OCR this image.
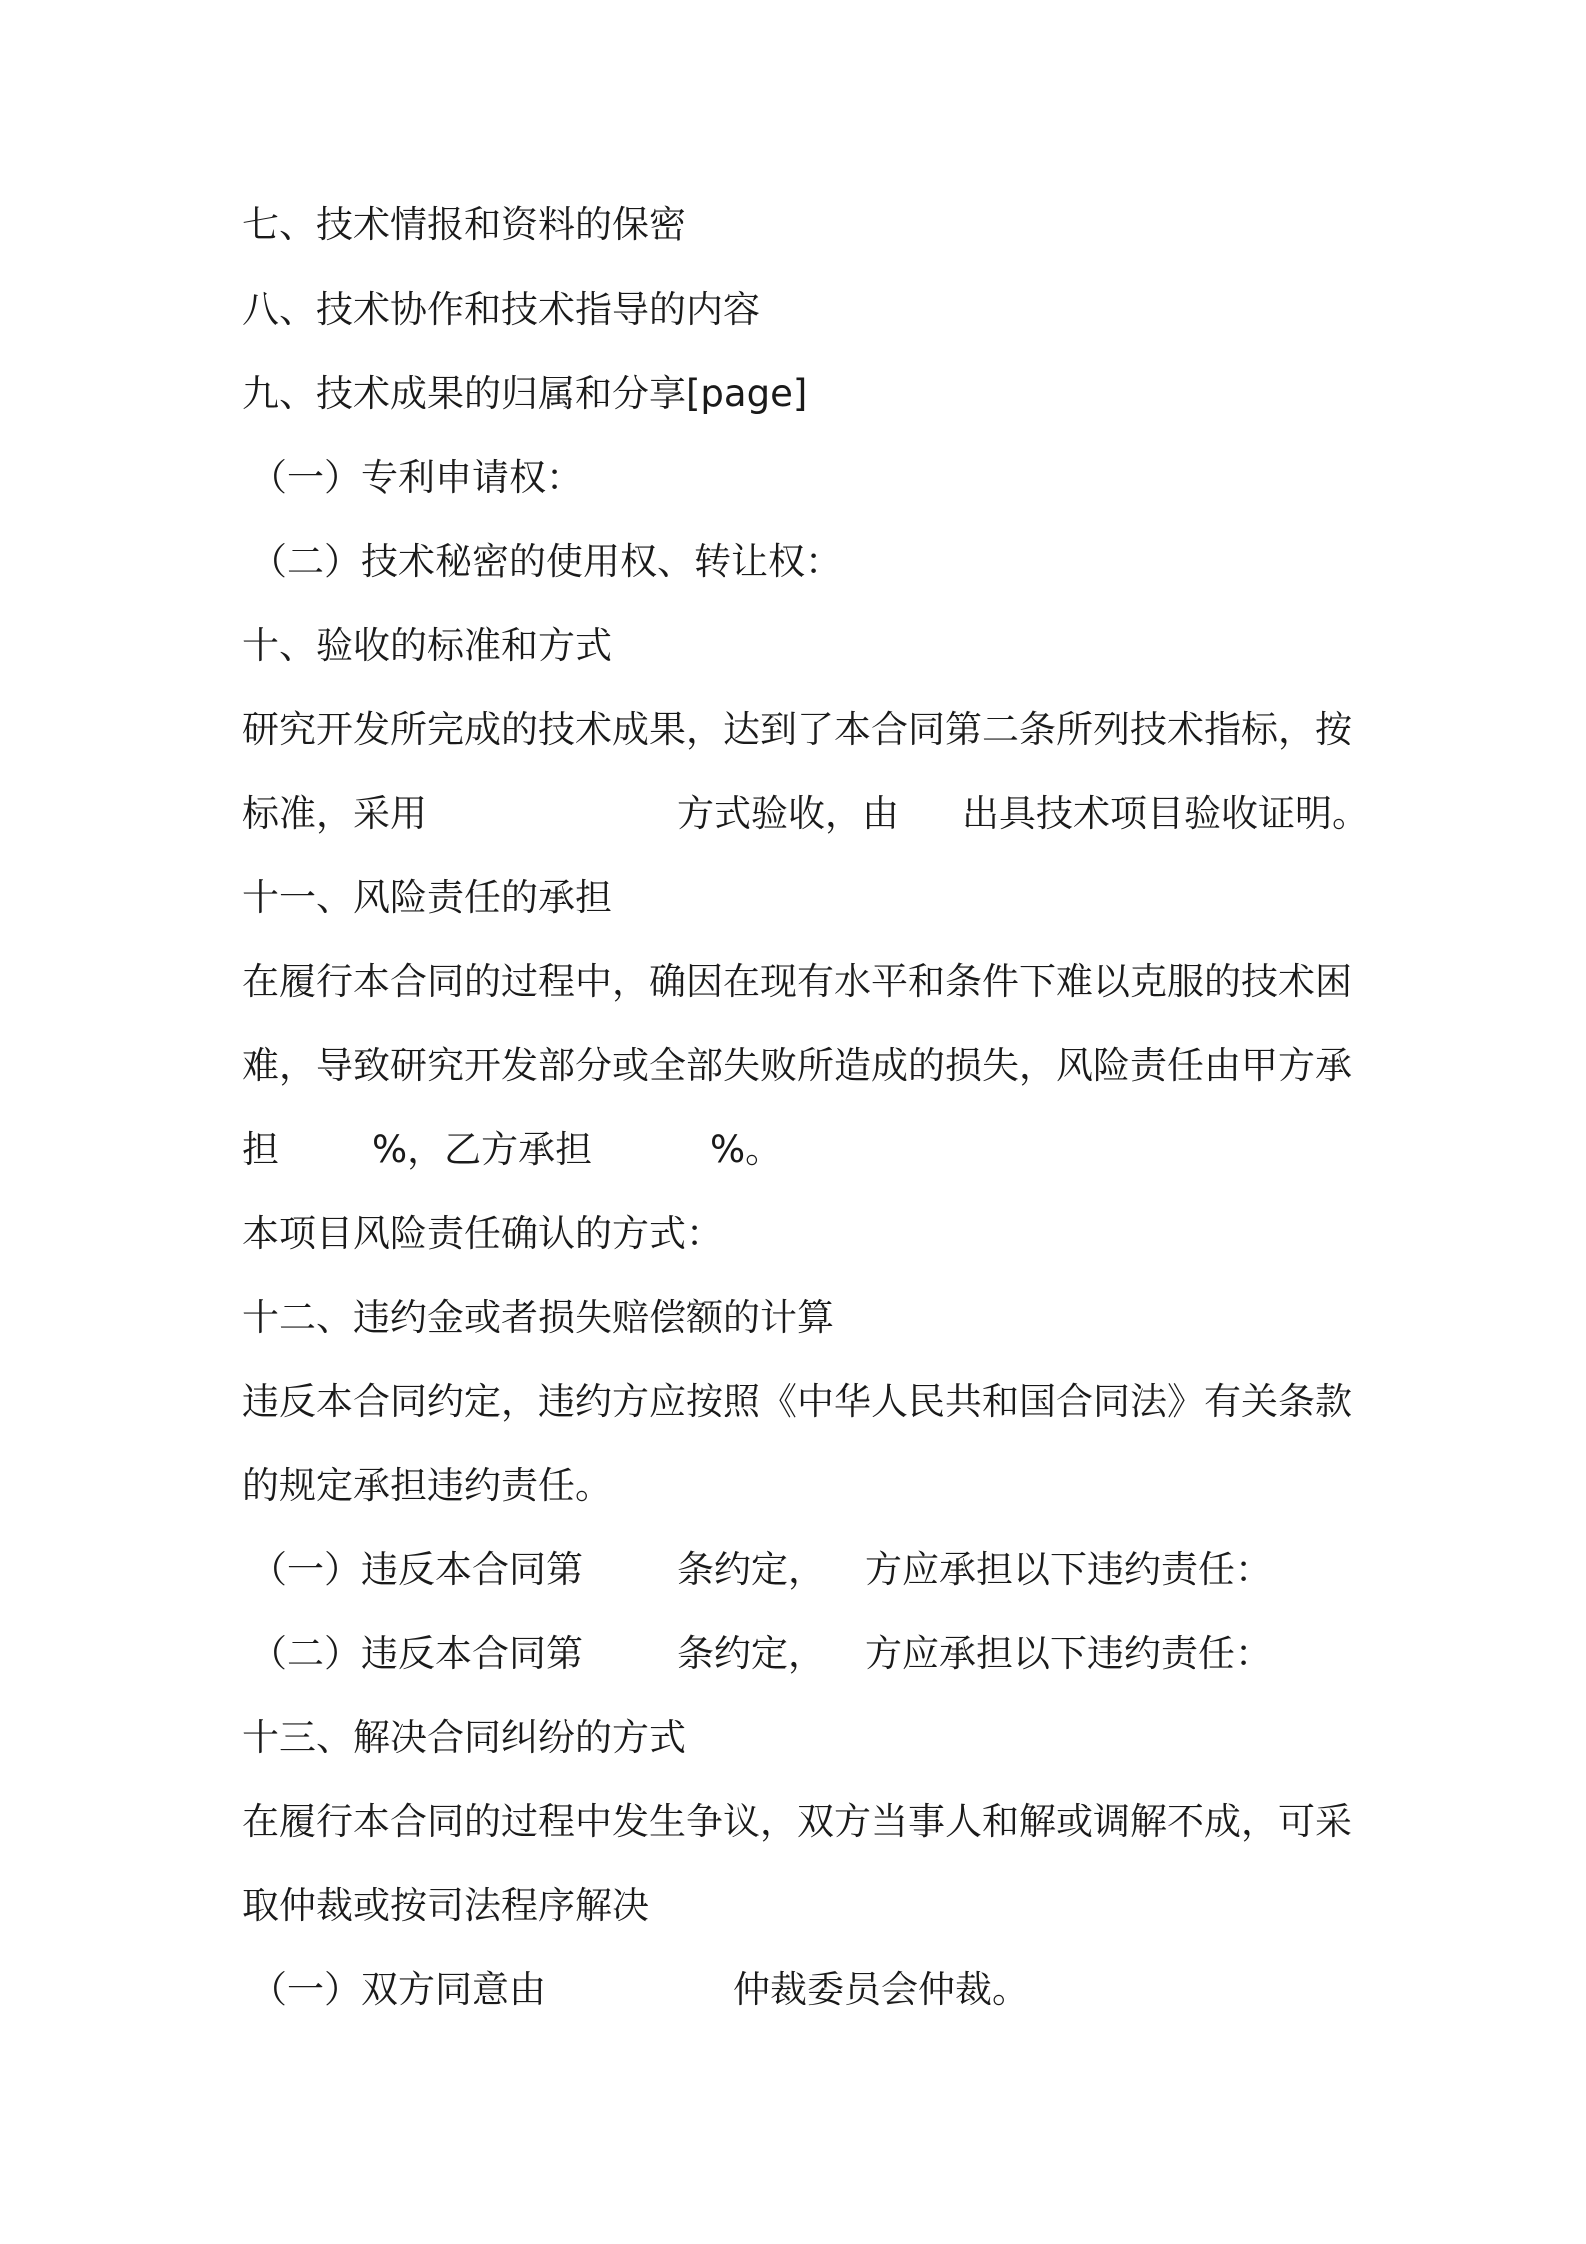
七、技术情报和资料的保密
八、技术协作和技术指导的内容
九、技术成果的归属和分享[page]
（一）专利申请权：
（二）技术秘密的使用权、转让权：
十、验收的标准和方式
研究开发所完成的技术成果，达到了本合同第二条所列技术指标，按
标准，采用	方式验收，由 出具技术项目验收证明。
十一、风险责任的承担
在履行本合同的过程中，确因在现有水平和条件下难以克服的技术困
难，导致研究开发部分或全部失败所造成的损失，风险责任由甲方承
担	%，乙方承担	%。
本项目风险责任确认的方式：
十二、违约金或者损失赔偿额的计算
违反本合同约定，违约方应按照《中华人民共和国合同法》有关条款
的规定承担违约责任。
（一）违反本合同第	条约定， 方应承担以下违约责任：
（二）违反本合同第	条约定， 方应承担以下违约责任：
十三、解决合同纠纷的方式
在履行本合同的过程中发生争议，双方当事人和解或调解不成，可采
取仲裁或按司法程序解决
（一）双方同意由	仲裁委员会仲裁。
